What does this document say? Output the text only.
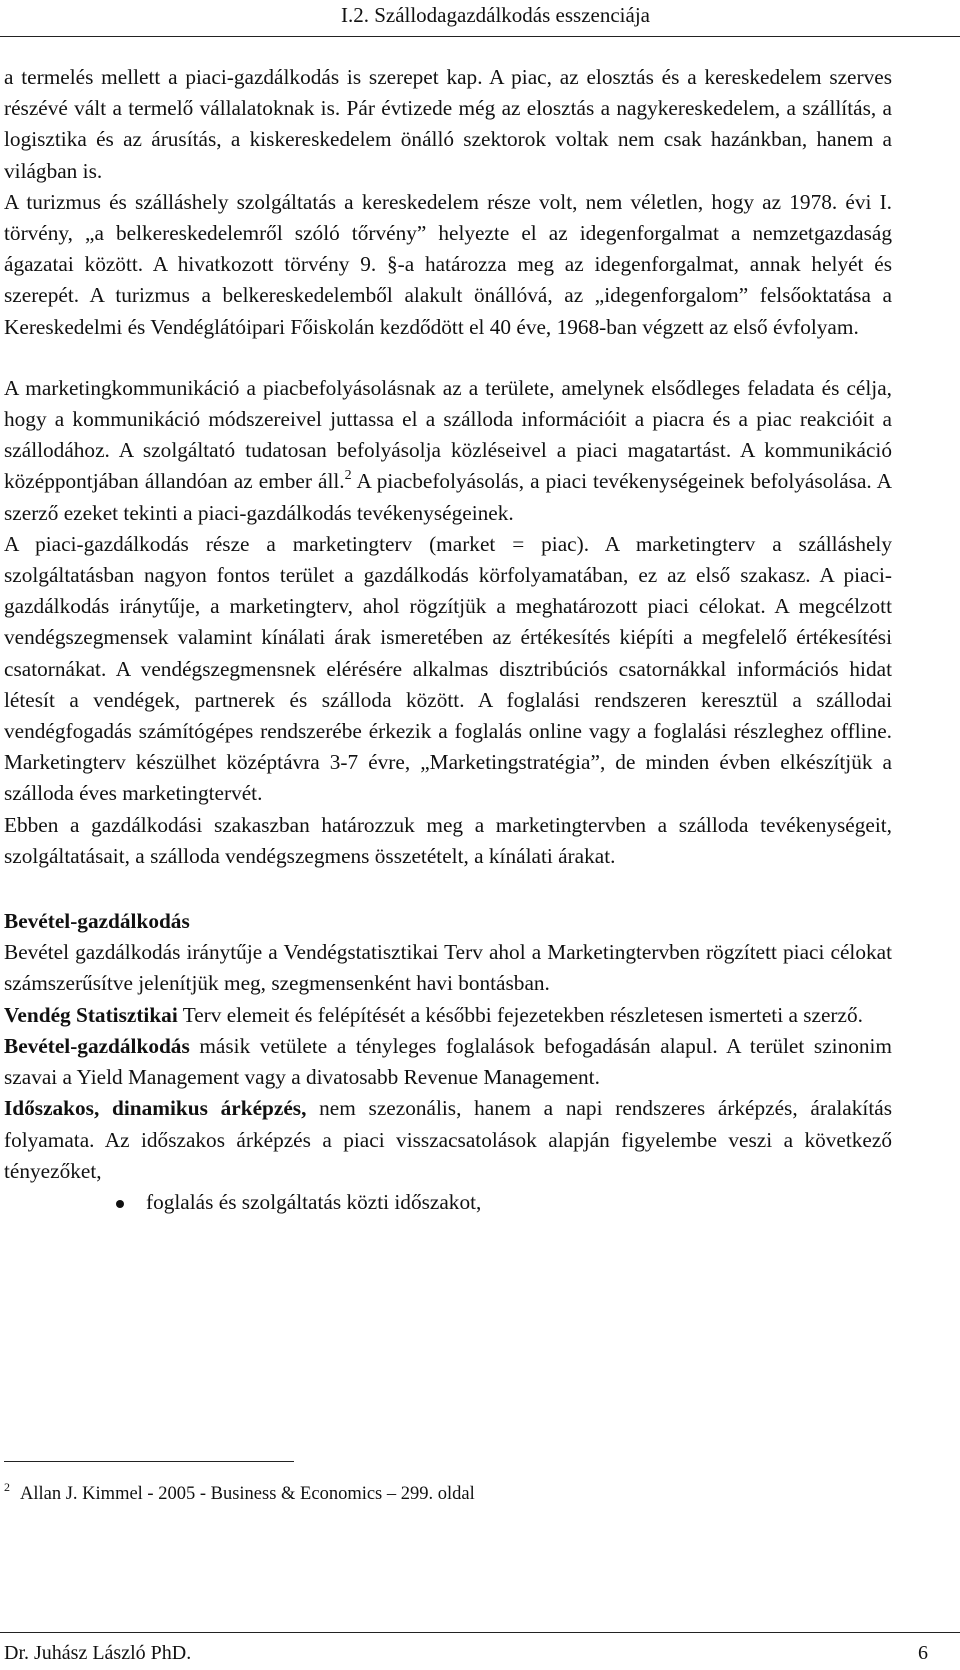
I.2. Szállodagazdálkodás esszenciája

a termelés mellett a piaci-gazdálkodás is szerepet kap. A piac, az elosztás és a kereskedelem szerves részévé vált a termelő vállalatoknak is. Pár évtizede még az elosztás a nagykereskedelem, a szállítás, a logisztika és az árusítás, a kiskereskedelem önálló szektorok voltak nem csak hazánkban, hanem a világban is.

A turizmus és szálláshely szolgáltatás a kereskedelem része volt, nem véletlen, hogy az 1978. évi I. törvény, „a belkereskedelemről szóló tőrvény” helyezte el az idegenforgalmat a nemzetgazdaság ágazatai között. A hivatkozott törvény 9. §-a határozza meg az idegenforgalmat, annak helyét és szerepét. A turizmus a belkereskedelemből alakult önállóvá, az „idegenforgalom” felsőoktatása a Kereskedelmi és Vendéglátóipari Főiskolán kezdődött el 40 éve, 1968-ban végzett az első évfolyam.

A marketingkommunikáció a piacbefolyásolásnak az a területe, amelynek elsődleges feladata és célja, hogy a kommunikáció módszereivel juttassa el a szálloda információit a piacra és a piac reakcióit a szállodához. A szolgáltató tudatosan befolyásolja közléseivel a piaci magatartást. A kommunikáció középpontjában állandóan az ember áll.$^2$ A piacbefolyásolás, a piaci tevékenységeinek befolyásolása. A szerző ezeket tekinti a piaci-gazdálkodás tevékenységeinek.

A piaci-gazdálkodás része a marketingterv (market = piac). A marketingterv a szálláshely szolgáltatásban nagyon fontos terület a gazdálkodás körfolyamatában, ez az első szakasz. A piaci-gazdálkodás iránytűje, a marketingterv, ahol rögzítjük a meghatározott piaci célokat. A megcélzott vendégszegmensek valamint kínálati árak ismeretében az értékesítés kiépíti a megfelelő értékesítési csatornákat. A vendégszegmensnek elérésére alkalmas disztribúciós csatornákkal információs hidat létesít a vendégek, partnerek és szálloda között. A foglalási rendszeren keresztül a szállodai vendégfogadás számítógépes rendszerébe érkezik a foglalás online vagy a foglalási részleghez offline. Marketingterv készülhet középtávra 3-7 évre, „Marketingstratégia”, de minden évben elkészítjük a szálloda éves marketingtervét.

Ebben a gazdálkodási szakaszban határozzuk meg a marketingtervben a szálloda tevékenységeit, szolgáltatásait, a szálloda vendégszegmens összetételt, a kínálati árakat.

Bevétel-gazdálkodás

Bevétel gazdálkodás iránytűje a Vendégstatisztikai Terv ahol a Marketingtervben rögzített piaci célokat számszerűsítve jelenítjük meg, szegmensenként havi bontásban.

Vendég Statisztikai Terv elemeit és felépítését a későbbi fejezetekben részletesen ismerteti a szerző.

Bevétel-gazdálkodás másik vetülete a tényleges foglalások befogadásán alapul. A terület szinonim szavai a Yield Management vagy a divatosabb Revenue Management.

Időszakos, dinamikus árképzés, nem szezonális, hanem a napi rendszeres árképzés, áralakítás folyamata. Az időszakos árképzés a piaci visszacsatolások alapján figyelembe veszi a következő tényezőket,

foglalás és szolgáltatás közti időszakot,
$^2$ Allan J. Kimmel - 2005 - Business & Economics – 299. oldal
Dr. Juhász László PhD.	6
